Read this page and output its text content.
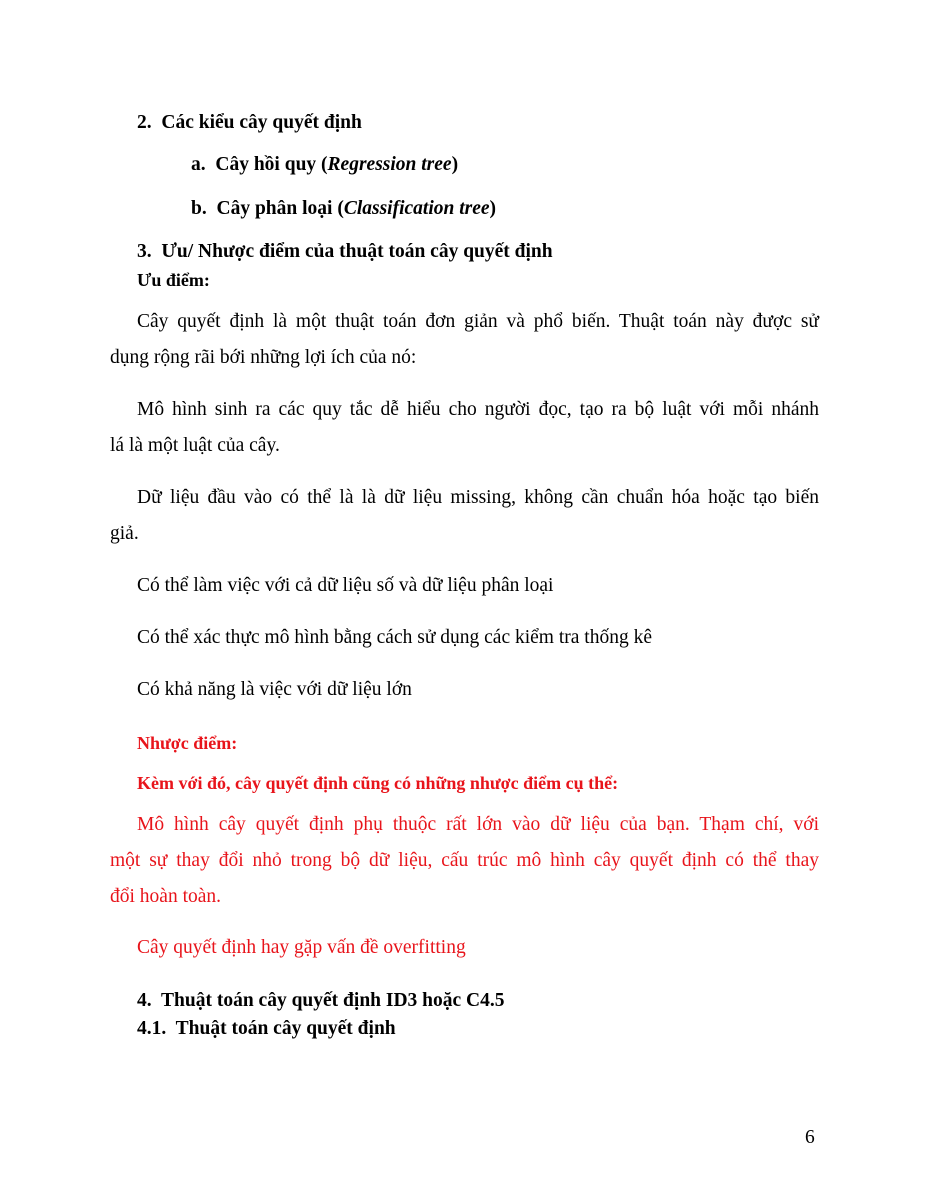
2. Các kiểu cây quyết định
a. Cây hồi quy (Regression tree)
b. Cây phân loại (Classification tree)
3. Ưu/ Nhược điểm của thuật toán cây quyết định
Ưu điểm:
Cây quyết định là một thuật toán đơn giản và phổ biến. Thuật toán này được sử
dụng rộng rãi bới những lợi ích của nó:
Mô hình sinh ra các quy tắc dễ hiểu cho người đọc, tạo ra bộ luật với mỗi nhánh
lá là một luật của cây.
Dữ liệu đầu vào có thể là là dữ liệu missing, không cần chuẩn hóa hoặc tạo biến
giả.
Có thể làm việc với cả dữ liệu số và dữ liệu phân loại
Có thể xác thực mô hình bằng cách sử dụng các kiểm tra thống kê
Có khả năng là việc với dữ liệu lớn
Nhược điểm:
Kèm với đó, cây quyết định cũng có những nhược điểm cụ thể:
Mô hình cây quyết định phụ thuộc rất lớn vào dữ liệu của bạn. Thạm chí, với
một sự thay đổi nhỏ trong bộ dữ liệu, cấu trúc mô hình cây quyết định có thể thay
đổi hoàn toàn.
Cây quyết định hay gặp vấn đề overfitting
4. Thuật toán cây quyết định ID3 hoặc C4.5
4.1. Thuật toán cây quyết định
6
